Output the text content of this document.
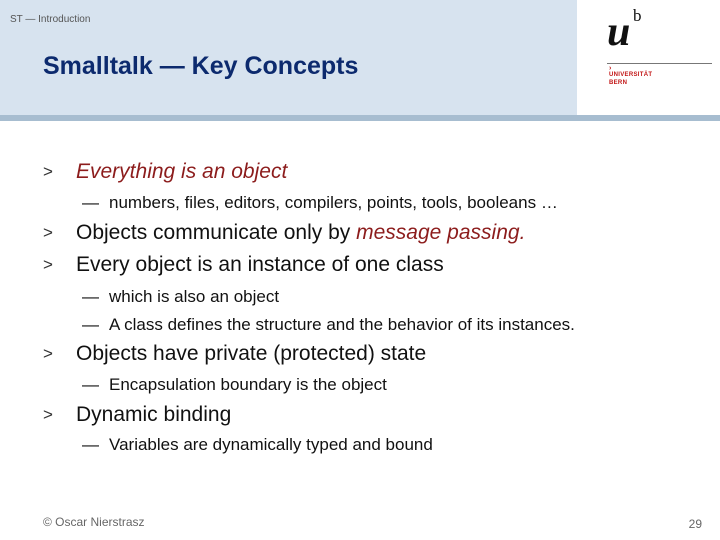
ST — Introduction
Smalltalk — Key Concepts
u b
›
UNIVERSITÄT
BERN
> Everything is an object
— numbers, files, editors, compilers, points, tools, booleans …
> Objects communicate only by message passing.
> Every object is an instance of one class
— which is also an object
— A class defines the structure and the behavior of its instances.
> Objects have private (protected) state
— Encapsulation boundary is the object
> Dynamic binding
— Variables are dynamically typed and bound
© Oscar Nierstrasz	29
